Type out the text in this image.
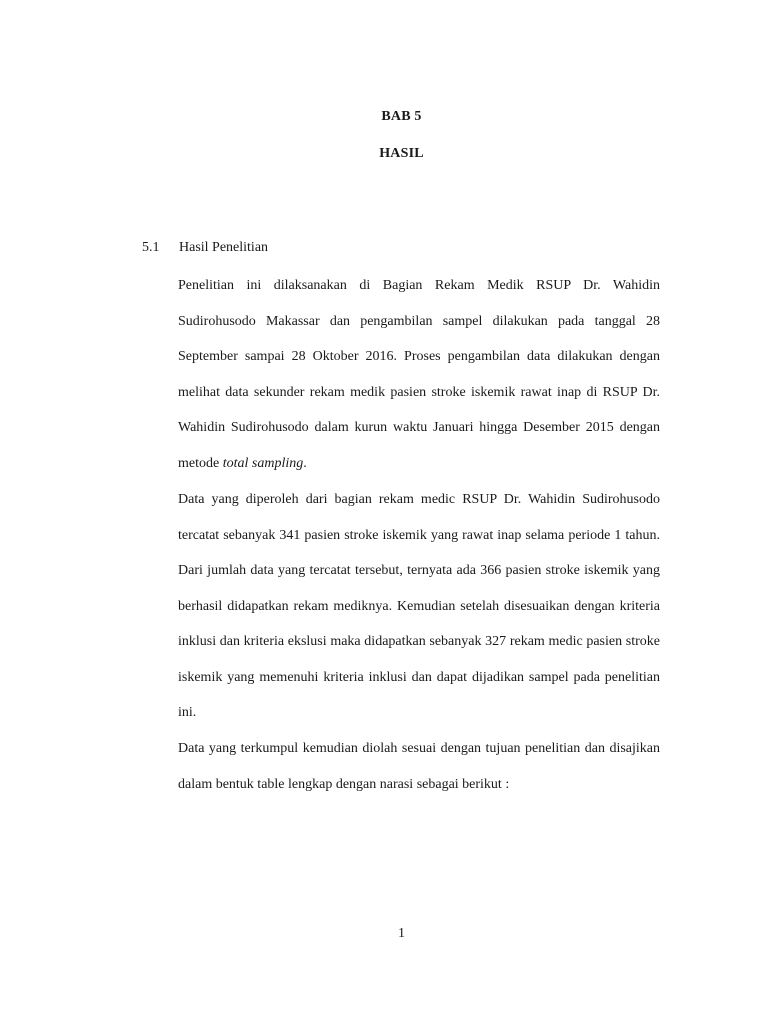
BAB 5
HASIL
5.1 Hasil Penelitian

Penelitian ini dilaksanakan di Bagian Rekam Medik RSUP Dr. Wahidin Sudirohusodo Makassar dan pengambilan sampel dilakukan pada tanggal 28 September sampai 28 Oktober 2016. Proses pengambilan data dilakukan dengan melihat data sekunder rekam medik pasien stroke iskemik rawat inap di RSUP Dr. Wahidin Sudirohusodo dalam kurun waktu Januari hingga Desember 2015 dengan metode total sampling.

Data yang diperoleh dari bagian rekam medic RSUP Dr. Wahidin Sudirohusodo tercatat sebanyak 341 pasien stroke iskemik yang rawat inap selama periode 1 tahun. Dari jumlah data yang tercatat tersebut, ternyata ada 366 pasien stroke iskemik yang berhasil didapatkan rekam mediknya. Kemudian setelah disesuaikan dengan kriteria inklusi dan kriteria ekslusi maka didapatkan sebanyak 327 rekam medic pasien stroke iskemik yang memenuhi kriteria inklusi dan dapat dijadikan sampel pada penelitian ini.

Data yang terkumpul kemudian diolah sesuai dengan tujuan penelitian dan disajikan dalam bentuk table lengkap dengan narasi sebagai berikut :

1
